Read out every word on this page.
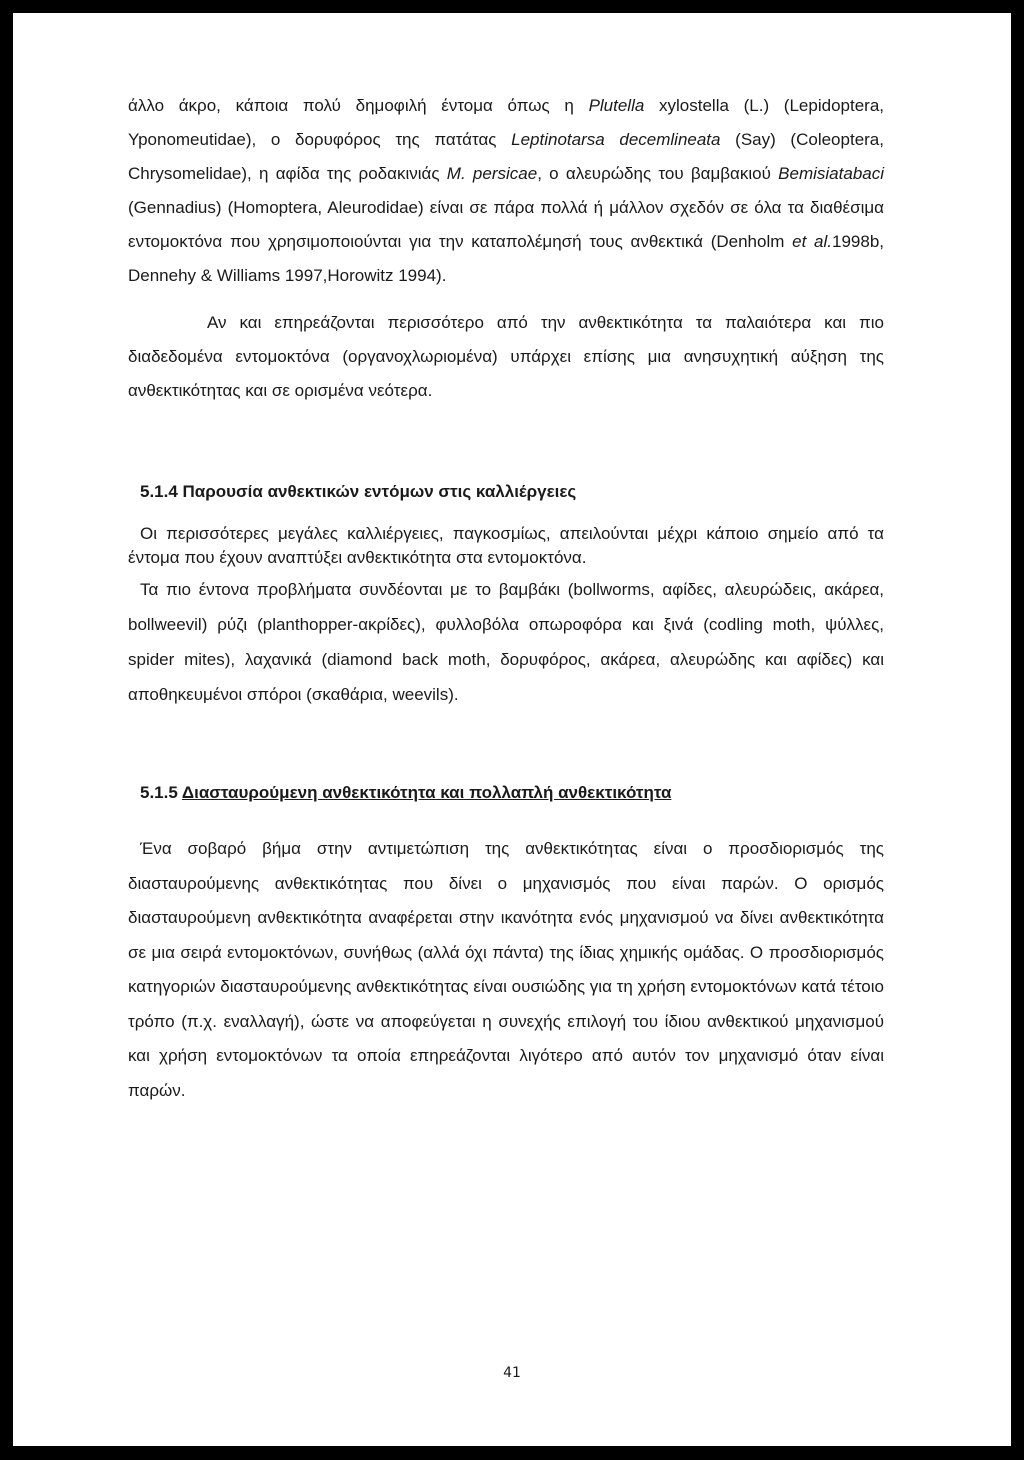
άλλο άκρο, κάποια πολύ δημοφιλή έντομα όπως η Plutella xylostella (L.) (Lepidoptera, Yponomeutidae), ο δορυφόρος της πατάτας Leptinotarsa decemlineata (Say) (Coleoptera, Chrysomelidae), η αφίδα της ροδακινιάς M. persicae, ο αλευρώδης του βαμβακιού Bemisiatabaci (Gennadius) (Homoptera, Aleurodidae) είναι σε πάρα πολλά ή μάλλον σχεδόν σε όλα τα διαθέσιμα εντομοκτόνα που χρησιμοποιούνται για την καταπολέμησή τους ανθεκτικά (Denholm et al.1998b, Dennehy & Williams 1997,Horowitz 1994).

Αν και επηρεάζονται περισσότερο από την ανθεκτικότητα τα παλαιότερα και πιο διαδεδομένα εντομοκτόνα (οργανοχλωριομένα) υπάρχει επίσης μια ανησυχητική αύξηση της ανθεκτικότητας και σε ορισμένα νεότερα.

5.1.4 Παρουσία ανθεκτικών εντόμων στις καλλιέργειες

Οι περισσότερες μεγάλες καλλιέργειες, παγκοσμίως, απειλούνται μέχρι κάποιο σημείο από τα έντομα που έχουν αναπτύξει ανθεκτικότητα στα εντομοκτόνα.

Τα πιο έντονα προβλήματα συνδέονται με το βαμβάκι (bollworms, αφίδες, αλευρώδεις, ακάρεα, bollweevil) ρύζι (planthopper-ακρίδες), φυλλοβόλα οπωροφόρα και ξινά (codling moth, ψύλλες, spider mites), λαχανικά (diamond back moth, δορυφόρος, ακάρεα, αλευρώδης και αφίδες) και αποθηκευμένοι σπόροι (σκαθάρια, weevils).

5.1.5 Διασταυρούμενη ανθεκτικότητα και πολλαπλή ανθεκτικότητα

Ένα σοβαρό βήμα στην αντιμετώπιση της ανθεκτικότητας είναι ο προσδιορισμός της διασταυρούμενης ανθεκτικότητας που δίνει ο μηχανισμός που είναι παρών. Ο ορισμός διασταυρούμενη ανθεκτικότητα αναφέρεται στην ικανότητα ενός μηχανισμού να δίνει ανθεκτικότητα σε μια σειρά εντομοκτόνων, συνήθως (αλλά όχι πάντα) της ίδιας χημικής ομάδας. Ο προσδιορισμός κατηγοριών διασταυρούμενης ανθεκτικότητας είναι ουσιώδης για τη χρήση εντομοκτόνων κατά τέτοιο τρόπο (π.χ. εναλλαγή), ώστε να αποφεύγεται η συνεχής επιλογή του ίδιου ανθεκτικού μηχανισμού και χρήση εντομοκτόνων τα οποία επηρεάζονται λιγότερο από αυτόν τον μηχανισμό όταν είναι παρών.

41
